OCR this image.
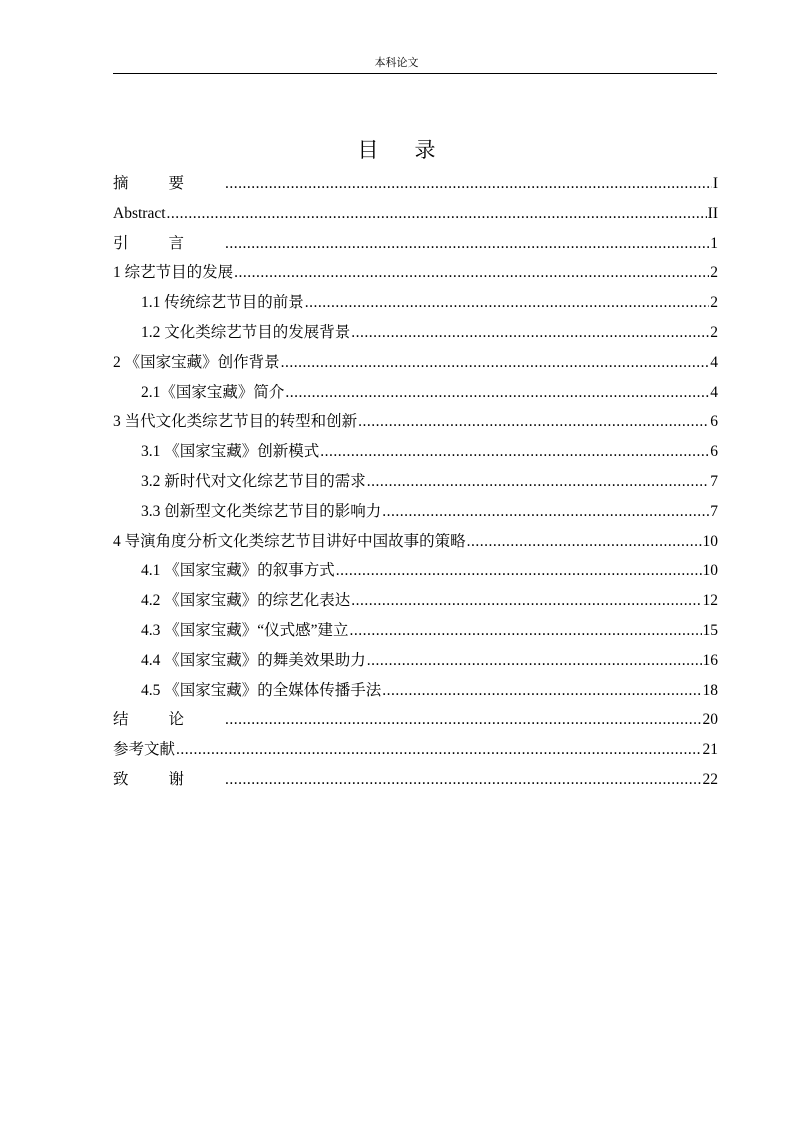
本科论文
目录
摘要 .....	I
Abstract .....	II
引言 .....	1
1 综艺节目的发展 .....	2
1.1 传统综艺节目的前景 .....	2
1.2 文化类综艺节目的发展背景 .....	2
2 《国家宝藏》创作背景 .....	4
2.1《国家宝藏》简介 .....	4
3 当代文化类综艺节目的转型和创新 .....	6
3.1 《国家宝藏》创新模式 .....	6
3.2 新时代对文化综艺节目的需求 .....	7
3.3 创新型文化类综艺节目的影响力 .....	7
4 导演角度分析文化类综艺节目讲好中国故事的策略 .....	10
4.1 《国家宝藏》的叙事方式 .....	10
4.2 《国家宝藏》的综艺化表达 .....	12
4.3 《国家宝藏》“仪式感”建立 .....	15
4.4 《国家宝藏》的舞美效果助力 .....	16
4.5 《国家宝藏》的全媒体传播手法 .....	18
结论 .....	20
参考文献 .....	21
致谢 .....	22
